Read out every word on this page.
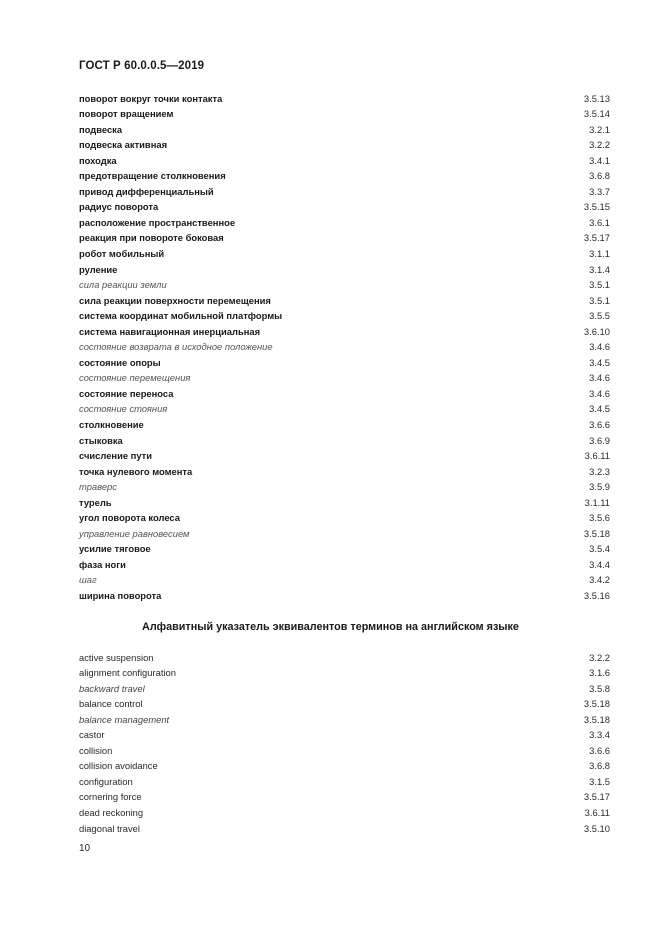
ГОСТ Р 60.0.0.5—2019
поворот вокруг точки контакта	3.5.13
поворот вращением	3.5.14
подвеска	3.2.1
подвеска активная	3.2.2
походка	3.4.1
предотвращение столкновения	3.6.8
привод дифференциальный	3.3.7
радиус поворота	3.5.15
расположение пространственное	3.6.1
реакция при повороте боковая	3.5.17
робот мобильный	3.1.1
руление	3.1.4
сила реакции земли	3.5.1
сила реакции поверхности перемещения	3.5.1
система координат мобильной платформы	3.5.5
система навигационная инерциальная	3.6.10
состояние возврата в исходное положение	3.4.6
состояние опоры	3.4.5
состояние перемещения	3.4.6
состояние переноса	3.4.6
состояние стояния	3.4.5
столкновение	3.6.6
стыковка	3.6.9
счисление пути	3.6.11
точка нулевого момента	3.2.3
траверс	3.5.9
турель	3.1.11
угол поворота колеса	3.5.6
управление равновесием	3.5.18
усилие тяговое	3.5.4
фаза ноги	3.4.4
шаг	3.4.2
ширина поворота	3.5.16
Алфавитный указатель эквивалентов терминов на английском языке
active suspension	3.2.2
alignment configuration	3.1.6
backward travel	3.5.8
balance control	3.5.18
balance management	3.5.18
castor	3.3.4
collision	3.6.6
collision avoidance	3.6.8
configuration	3.1.5
cornering force	3.5.17
dead reckoning	3.6.11
diagonal travel	3.5.10
10
